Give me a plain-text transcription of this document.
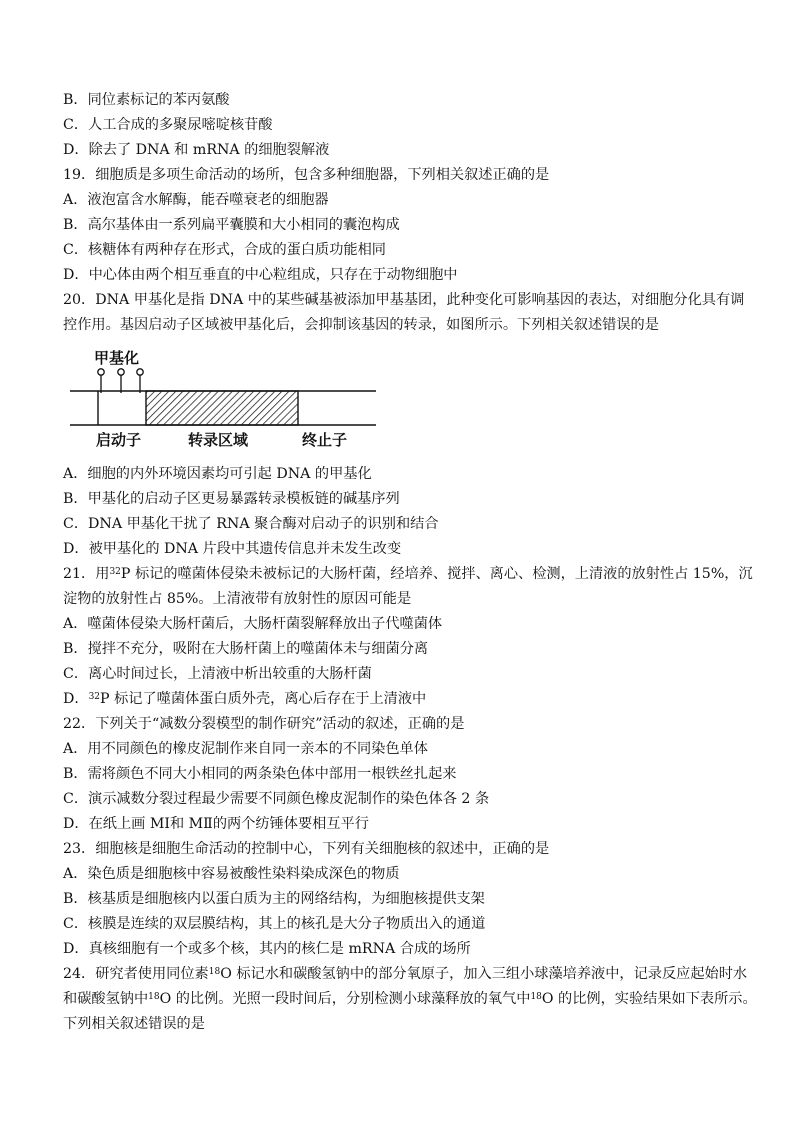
B．同位素标记的苯丙氨酸
C．人工合成的多聚尿嘧啶核苷酸
D．除去了 DNA 和 mRNA 的细胞裂解液
19．细胞质是多项生命活动的场所，包含多种细胞器，下列相关叙述正确的是
A．液泡富含水解酶，能吞噬衰老的细胞器
B．高尔基体由一系列扁平囊膜和大小相同的囊泡构成
C．核糖体有两种存在形式，合成的蛋白质功能相同
D．中心体由两个相互垂直的中心粒组成，只存在于动物细胞中
20．DNA 甲基化是指 DNA 中的某些碱基被添加甲基基团，此种变化可影响基因的表达，对细胞分化具有调
控作用。基因启动子区域被甲基化后，会抑制该基因的转录，如图所示。下列相关叙述错误的是
甲基化
启动子	转录区域	终止子
A．细胞的内外环境因素均可引起 DNA 的甲基化
B．甲基化的启动子区更易暴露转录模板链的碱基序列
C．DNA 甲基化干扰了 RNA 聚合酶对启动子的识别和结合
D．被甲基化的 DNA 片段中其遗传信息并未发生改变
21．用$^{32}$P 标记的噬菌体侵染未被标记的大肠杆菌，经培养、搅拌、离心、检测，上清液的放射性占 15%，沉
淀物的放射性占 85%。上清液带有放射性的原因可能是
A．噬菌体侵染大肠杆菌后，大肠杆菌裂解释放出子代噬菌体
B．搅拌不充分，吸附在大肠杆菌上的噬菌体未与细菌分离
C．离心时间过长，上清液中析出较重的大肠杆菌
D．$^{32}$P 标记了噬菌体蛋白质外壳，离心后存在于上清液中
22．下列关于“减数分裂模型的制作研究”活动的叙述，正确的是
A．用不同颜色的橡皮泥制作来自同一亲本的不同染色单体
B．需将颜色不同大小相同的两条染色体中部用一根铁丝扎起来
C．演示减数分裂过程最少需要不同颜色橡皮泥制作的染色体各 2 条
D．在纸上画 MⅠ和 MⅡ的两个纺锤体要相互平行
23．细胞核是细胞生命活动的控制中心，下列有关细胞核的叙述中，正确的是
A．染色质是细胞核中容易被酸性染料染成深色的物质
B．核基质是细胞核内以蛋白质为主的网络结构，为细胞核提供支架
C．核膜是连续的双层膜结构，其上的核孔是大分子物质出入的通道
D．真核细胞有一个或多个核，其内的核仁是 mRNA 合成的场所
24．研究者使用同位素$^{18}$O 标记水和碳酸氢钠中的部分氧原子，加入三组小球藻培养液中，记录反应起始时水
和碳酸氢钠中$^{18}$O 的比例。光照一段时间后，分别检测小球藻释放的氧气中$^{18}$O 的比例，实验结果如下表所示。
下列相关叙述错误的是
